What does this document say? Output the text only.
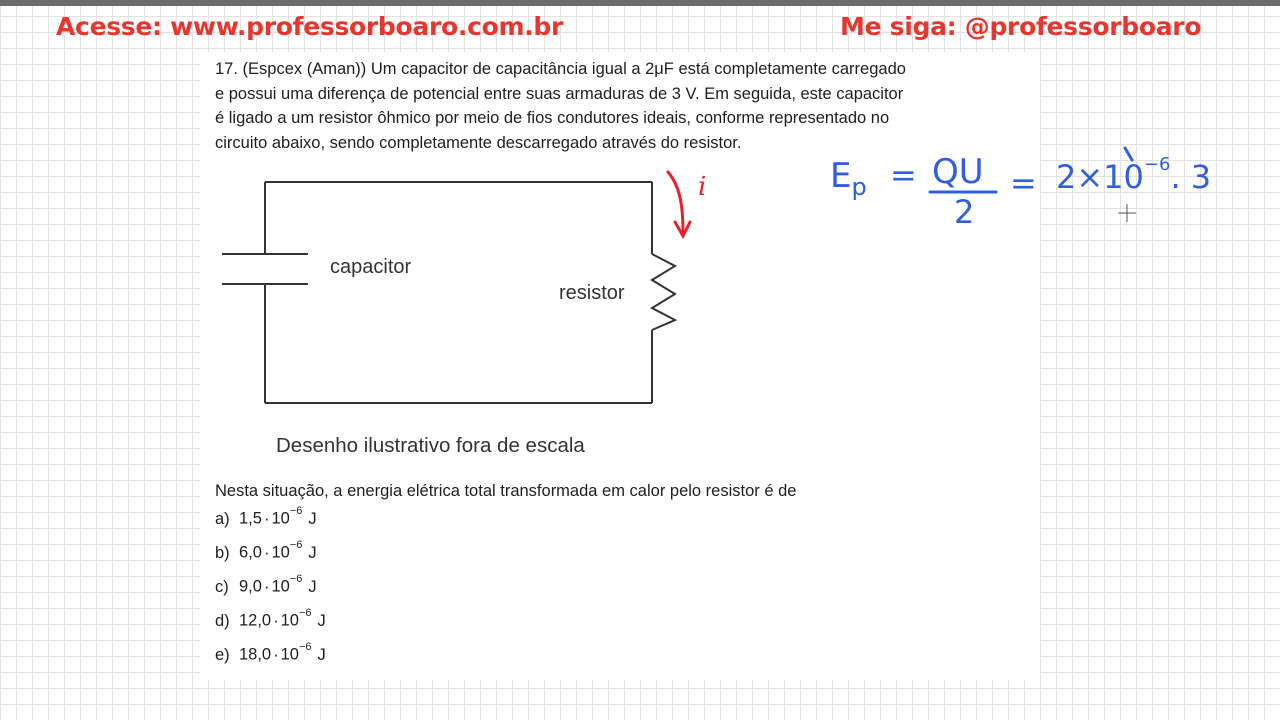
Acesse: www.professorboaro.com.br	Me siga: @professorboaro
17. (Espcex (Aman)) Um capacitor de capacitância igual a 2μF está completamente carregado
e possui uma diferença de potencial entre suas armaduras de 3 V. Em seguida, este capacitor
é ligado a um resistor ôhmico por meio de fios condutores ideais, conforme representado no
circuito abaixo, sendo completamente descarregado através do resistor.
capacitor
resistor
Desenho ilustrativo fora de escala
i	$E_p$ = QU
2
= $2\times 10^{-6}$. 3
Nesta situação, a energia elétrica total transformada em calor pelo resistor é de
a) $1,5 \cdot 10^{-6}$ J
b) $6,0 \cdot 10^{-6}$ J
c) $9,0 \cdot 10^{-6}$ J
d) $12,0 \cdot 10^{-6}$ J
e) $18,0 \cdot 10^{-6}$ J
